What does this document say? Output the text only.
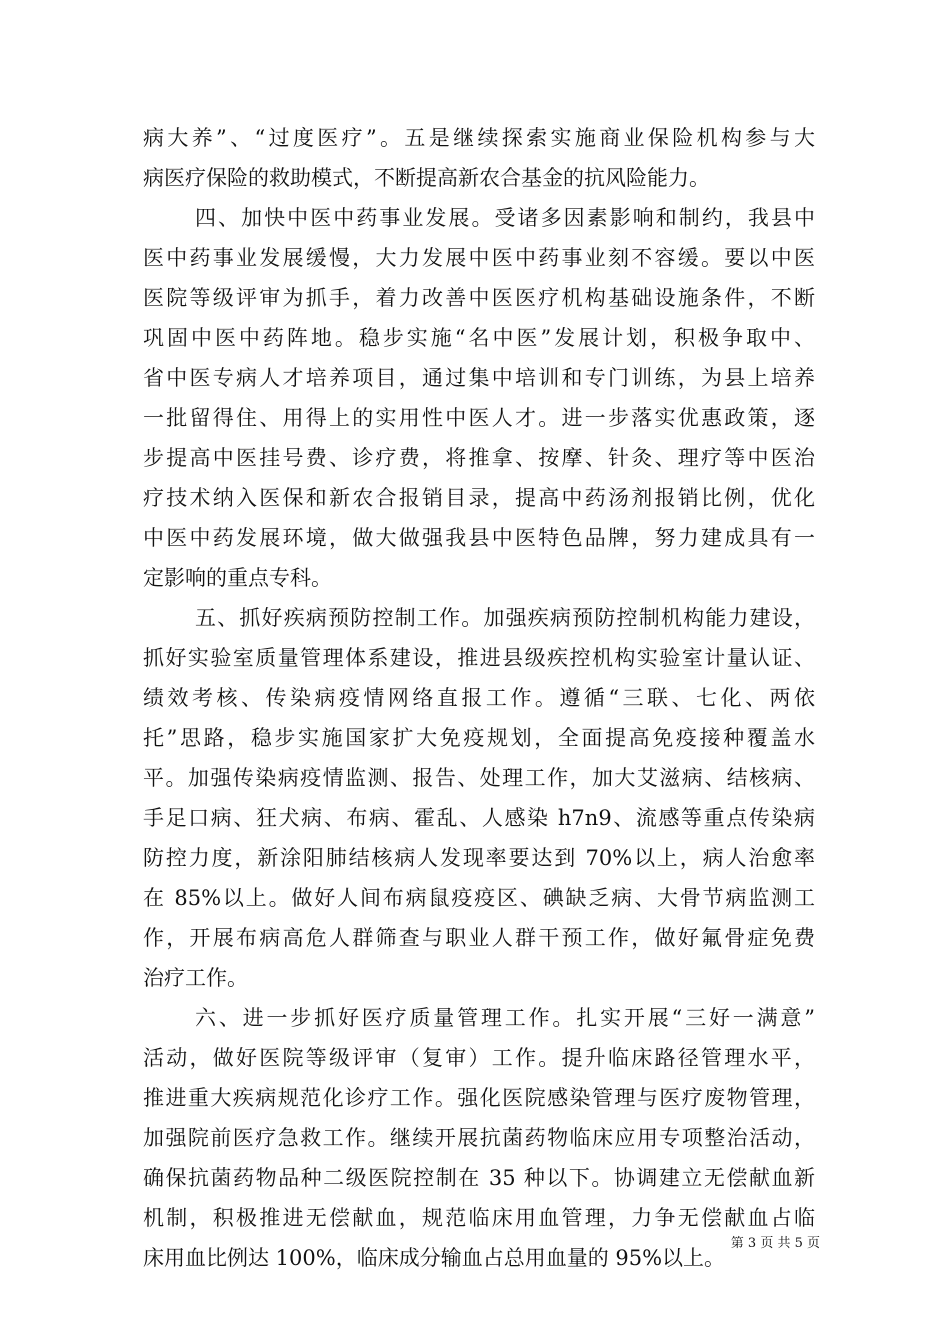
病大养”、“过度医疗”。五是继续探索实施商业保险机构参与大
病医疗保险的救助模式，不断提高新农合基金的抗风险能力。
四、加快中医中药事业发展。受诸多因素影响和制约，我县中
医中药事业发展缓慢，大力发展中医中药事业刻不容缓。要以中医
医院等级评审为抓手，着力改善中医医疗机构基础设施条件，不断
巩固中医中药阵地。稳步实施“名中医”发展计划，积极争取中、
省中医专病人才培养项目，通过集中培训和专门训练，为县上培养
一批留得住、用得上的实用性中医人才。进一步落实优惠政策，逐
步提高中医挂号费、诊疗费，将推拿、按摩、针灸、理疗等中医治
疗技术纳入医保和新农合报销目录，提高中药汤剂报销比例，优化
中医中药发展环境，做大做强我县中医特色品牌，努力建成具有一
定影响的重点专科。
五、抓好疾病预防控制工作。加强疾病预防控制机构能力建设，
抓好实验室质量管理体系建设，推进县级疾控机构实验室计量认证、
绩效考核、传染病疫情网络直报工作。遵循“三联、七化、两依
托”思路，稳步实施国家扩大免疫规划，全面提高免疫接种覆盖水
平。加强传染病疫情监测、报告、处理工作，加大艾滋病、结核病、
手足口病、狂犬病、布病、霍乱、人感染 h7n9、流感等重点传染病
防控力度，新涂阳肺结核病人发现率要达到 70%以上，病人治愈率
在 85%以上。做好人间布病鼠疫疫区、碘缺乏病、大骨节病监测工
作，开展布病高危人群筛查与职业人群干预工作，做好氟骨症免费
治疗工作。
六、进一步抓好医疗质量管理工作。扎实开展“三好一满意”
活动，做好医院等级评审（复审）工作。提升临床路径管理水平，
推进重大疾病规范化诊疗工作。强化医院感染管理与医疗废物管理，
加强院前医疗急救工作。继续开展抗菌药物临床应用专项整治活动，
确保抗菌药物品种二级医院控制在 35 种以下。协调建立无偿献血新
机制，积极推进无偿献血，规范临床用血管理，力争无偿献血占临
床用血比例达 100%，临床成分输血占总用血量的 95%以上。
第 3 页 共 5 页
